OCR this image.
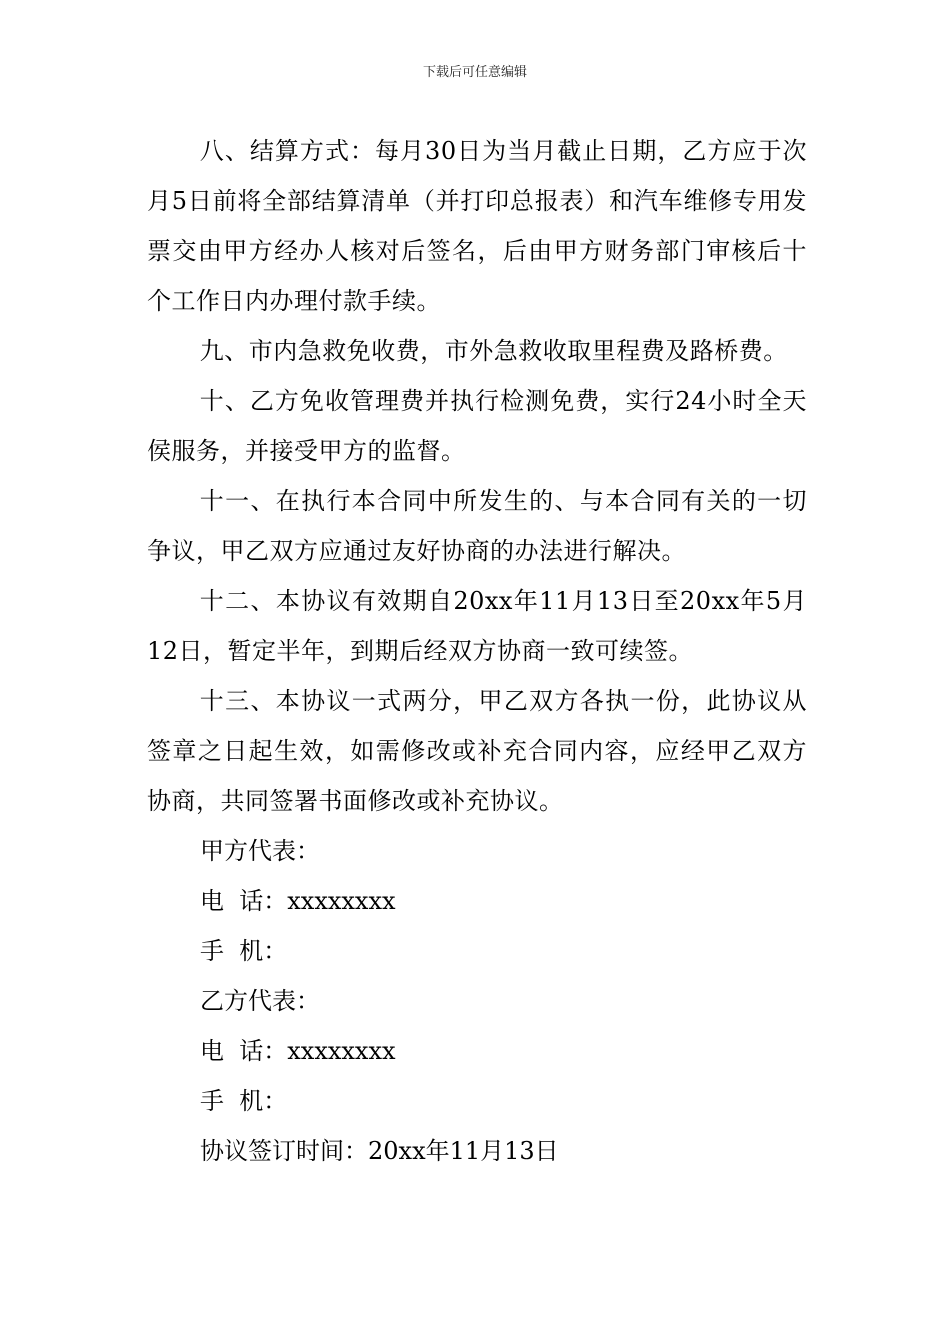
下载后可任意编辑

八、结算方式：每月30日为当月截止日期，乙方应于次月5日前将全部结算清单（并打印总报表）和汽车维修专用发票交由甲方经办人核对后签名，后由甲方财务部门审核后十个工作日内办理付款手续。

九、市内急救免收费，市外急救收取里程费及路桥费。

十、乙方免收管理费并执行检测免费，实行24小时全天侯服务，并接受甲方的监督。

十一、在执行本合同中所发生的、与本合同有关的一切争议，甲乙双方应通过友好协商的办法进行解决。

十二、本协议有效期自20xx年11月13日至20xx年5月12日，暂定半年，到期后经双方协商一致可续签。

十三、本协议一式两分，甲乙双方各执一份，此协议从签章之日起生效，如需修改或补充合同内容，应经甲乙双方协商，共同签署书面修改或补充协议。

甲方代表：

电  话：xxxxxxxx

手  机：

乙方代表：

电  话：xxxxxxxx

手  机：

协议签订时间：20xx年11月13日
